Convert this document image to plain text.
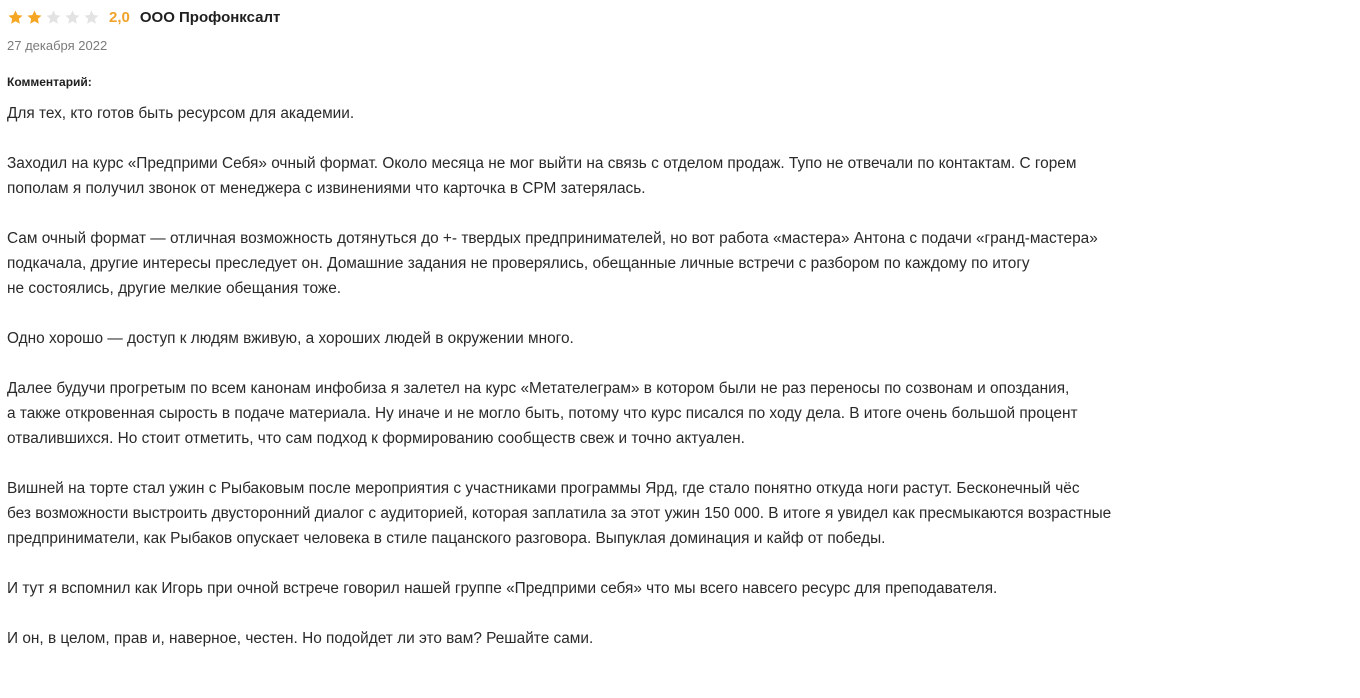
2,0 ООО Профонксалт
27 декабря 2022
Комментарий:

Для тех, кто готов быть ресурсом для академии.

Заходил на курс «Предприми Себя» очный формат. Около месяца не мог выйти на связь с отделом продаж. Тупо не отвечали по контактам. С горем
пополам я получил звонок от менеджера с извинениями что карточка в СРМ затерялась.

Сам очный формат — отличная возможность дотянуться до +- твердых предпринимателей, но вот работа «мастера» Антона с подачи «гранд-мастера»
подкачала, другие интересы преследует он. Домашние задания не проверялись, обещанные личные встречи с разбором по каждому по итогу
не состоялись, другие мелкие обещания тоже.

Одно хорошо — доступ к людям вживую, а хороших людей в окружении много.

Далее будучи прогретым по всем канонам инфобиза я залетел на курс «Метателеграм» в котором были не раз переносы по созвонам и опоздания,
а также откровенная сырость в подаче материала. Ну иначе и не могло быть, потому что курс писался по ходу дела. В итоге очень большой процент
отвалившихся. Но стоит отметить, что сам подход к формированию сообществ свеж и точно актуален.

Вишней на торте стал ужин с Рыбаковым после мероприятия с участниками программы Ярд, где стало понятно откуда ноги растут. Бесконечный чёс
без возможности выстроить двусторонний диалог с аудиторией, которая заплатила за этот ужин 150 000. В итоге я увидел как пресмыкаются возрастные
предприниматели, как Рыбаков опускает человека в стиле пацанского разговора. Выпуклая доминация и кайф от победы.

И тут я вспомнил как Игорь при очной встрече говорил нашей группе «Предприми себя» что мы всего навсего ресурс для преподавателя.

И он, в целом, прав и, наверное, честен. Но подойдет ли это вам? Решайте сами.
